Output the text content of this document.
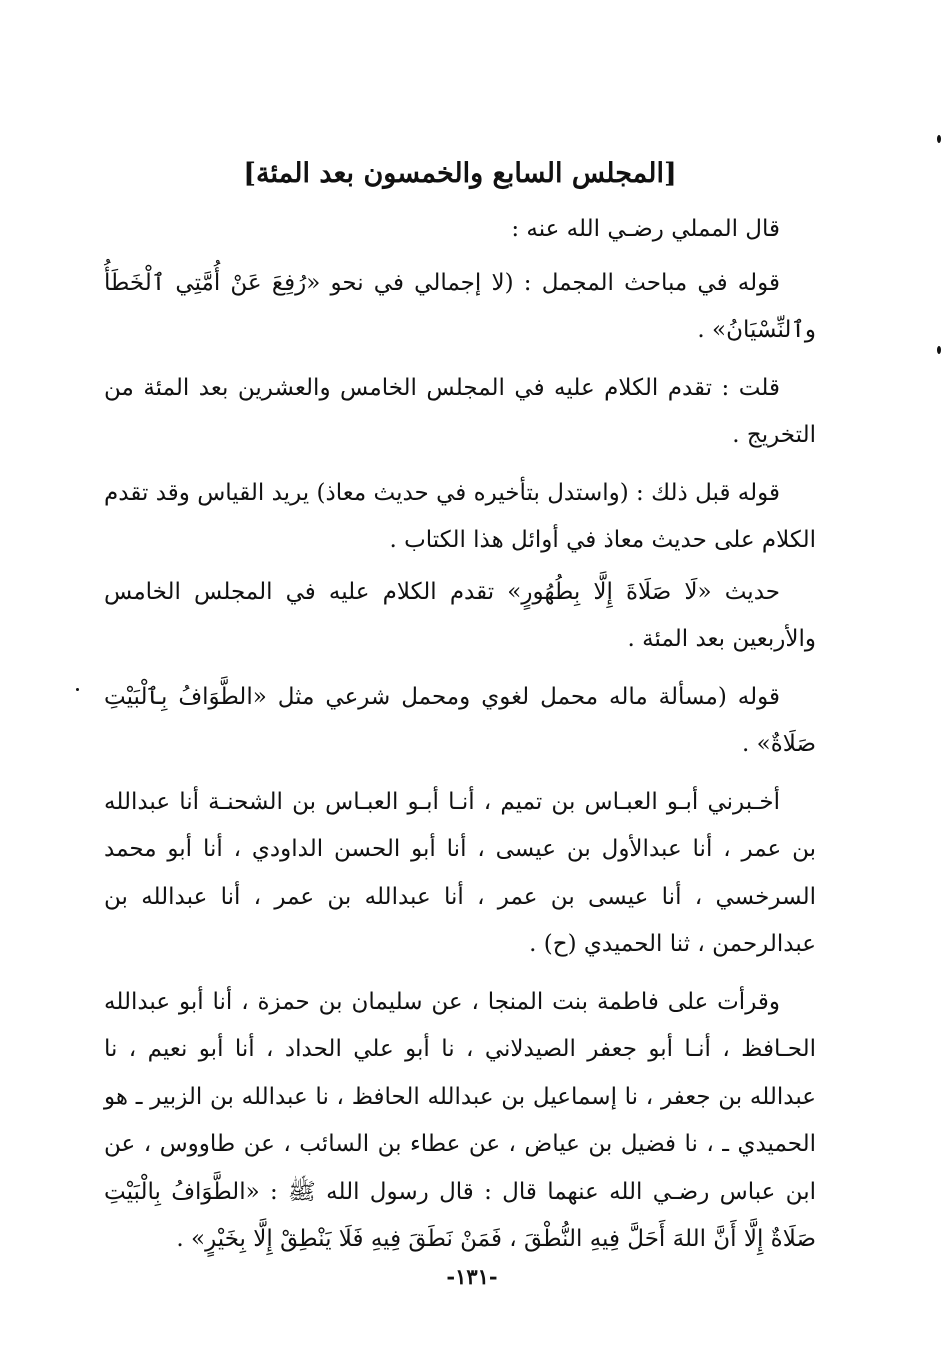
[المجلس السابع والخمسون بعد المئة]

قال المملي رضـي الله عنه :

قوله في مباحث المجمل : (لا إجمالي في نحو «رُفِعَ عَنْ أُمَّتِي ٱلْخَطَأُ وٱلنِّسْيَانُ» .

قلت : تقدم الكلام عليه في المجلس الخامس والعشرين بعد المئة من التخريج .

قوله قبل ذلك : (واستدل بتأخيره في حديث معاذ) يريد القياس وقد تقدم الكلام على حديث معاذ في أوائل هذا الكتاب .

حديث «لَا صَلَاةَ إِلَّا بِطُهُورٍ» تقدم الكلام عليه في المجلس الخامس والأربعين بعد المئة .

قوله (مسألة ماله محمل لغوي ومحمل شرعي مثل «الطَّوَافُ بِٱلْبَيْتِ صَلَاةٌ» .

أخـبرني أبـو العبـاس بن تميم ، أنـا أبـو العبـاس بن الشحنـة أنا عبدالله بن عمر ، أنا عبدالأول بن عيسى ، أنا أبو الحسن الداودي ، أنا أبو محمد السرخسي ، أنا عيسى بن عمر ، أنا عبدالله بن عمر ، أنا عبدالله بن عبدالرحمن ، ثنا الحميدي (ح) .

وقرأت على فاطمة بنت المنجا ، عن سليمان بن حمزة ، أنا أبو عبدالله الحـافظ ، أنـا أبو جعفر الصيدلاني ، نا أبو علي الحداد ، أنا أبو نعيم ، نا عبدالله بن جعفر ، نا إسماعيل بن عبدالله الحافظ ، نا عبدالله بن الزبير ـ هو الحميدي ـ ، نا فضيل بن عياض ، عن عطاء بن السائب ، عن طاووس ، عن ابن عباس رضـي الله عنهما قال : قال رسول الله ﷺ : «الطَّوَافُ بِالْبَيْتِ صَلَاةٌ إِلَّا أَنَّ اللهَ أَحَلَّ فِيهِ النُّطْقَ ، فَمَنْ نَطَقَ فِيهِ فَلَا يَنْطِقْ إِلَّا بِخَيْرٍ» .

-١٣١-
